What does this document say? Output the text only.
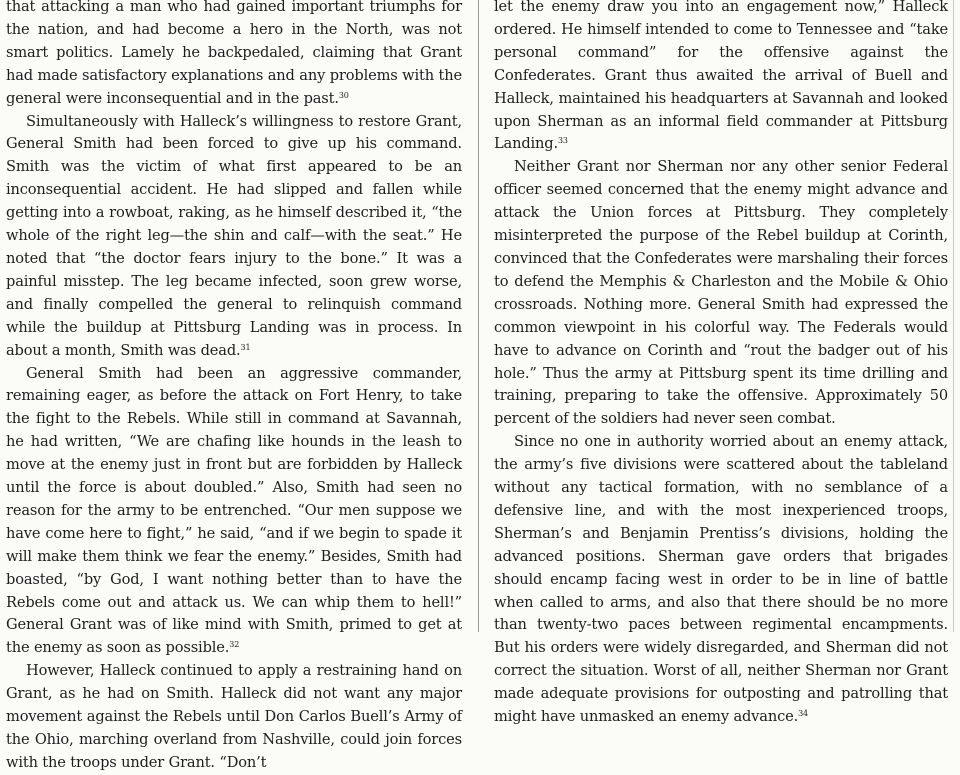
that attacking a man who had gained important triumphs for the nation, and had become a hero in the North, was not smart politics. Lamely he backpedaled, claiming that Grant had made satisfactory explanations and any problems with the general were inconsequential and in the past.$^{30}$

Simultaneously with Halleck’s willingness to restore Grant, General Smith had been forced to give up his command. Smith was the victim of what first appeared to be an inconsequential accident. He had slipped and fallen while getting into a rowboat, raking, as he himself described it, “the whole of the right leg—the shin and calf—with the seat.” He noted that “the doctor fears injury to the bone.” It was a painful misstep. The leg became infected, soon grew worse, and finally compelled the general to relinquish command while the buildup at Pittsburg Landing was in process. In about a month, Smith was dead.$^{31}$

General Smith had been an aggressive commander, remaining eager, as before the attack on Fort Henry, to take the fight to the Rebels. While still in command at Savannah, he had written, “We are chafing like hounds in the leash to move at the enemy just in front but are forbidden by Halleck until the force is about doubled.” Also, Smith had seen no reason for the army to be entrenched. “Our men suppose we have come here to fight,” he said, “and if we begin to spade it will make them think we fear the enemy.” Besides, Smith had boasted, “by God, I want nothing better than to have the Rebels come out and attack us. We can whip them to hell!” General Grant was of like mind with Smith, primed to get at the enemy as soon as possible.$^{32}$

However, Halleck continued to apply a restraining hand on Grant, as he had on Smith. Halleck did not want any major movement against the Rebels until Don Carlos Buell’s Army of the Ohio, marching overland from Nashville, could join forces with the troops under Grant. “Don’t

let the enemy draw you into an engagement now,” Halleck ordered. He himself intended to come to Tennessee and “take personal command” for the offensive against the Confederates. Grant thus awaited the arrival of Buell and Halleck, maintained his headquarters at Savannah and looked upon Sherman as an informal field commander at Pittsburg Landing.$^{33}$

Neither Grant nor Sherman nor any other senior Federal officer seemed concerned that the enemy might advance and attack the Union forces at Pittsburg. They completely misinterpreted the purpose of the Rebel buildup at Corinth, convinced that the Confederates were marshaling their forces to defend the Memphis & Charleston and the Mobile & Ohio crossroads. Nothing more. General Smith had expressed the common viewpoint in his colorful way. The Federals would have to advance on Corinth and “rout the badger out of his hole.” Thus the army at Pittsburg spent its time drilling and training, preparing to take the offensive. Approximately 50 percent of the soldiers had never seen combat.

Since no one in authority worried about an enemy attack, the army’s five divisions were scattered about the tableland without any tactical formation, with no semblance of a defensive line, and with the most inexperienced troops, Sherman’s and Benjamin Prentiss’s divisions, holding the advanced positions. Sherman gave orders that brigades should encamp facing west in order to be in line of battle when called to arms, and also that there should be no more than twenty-two paces between regimental encampments. But his orders were widely disregarded, and Sherman did not correct the situation. Worst of all, neither Sherman nor Grant made adequate provisions for outposting and patrolling that might have unmasked an enemy advance.$^{34}$
